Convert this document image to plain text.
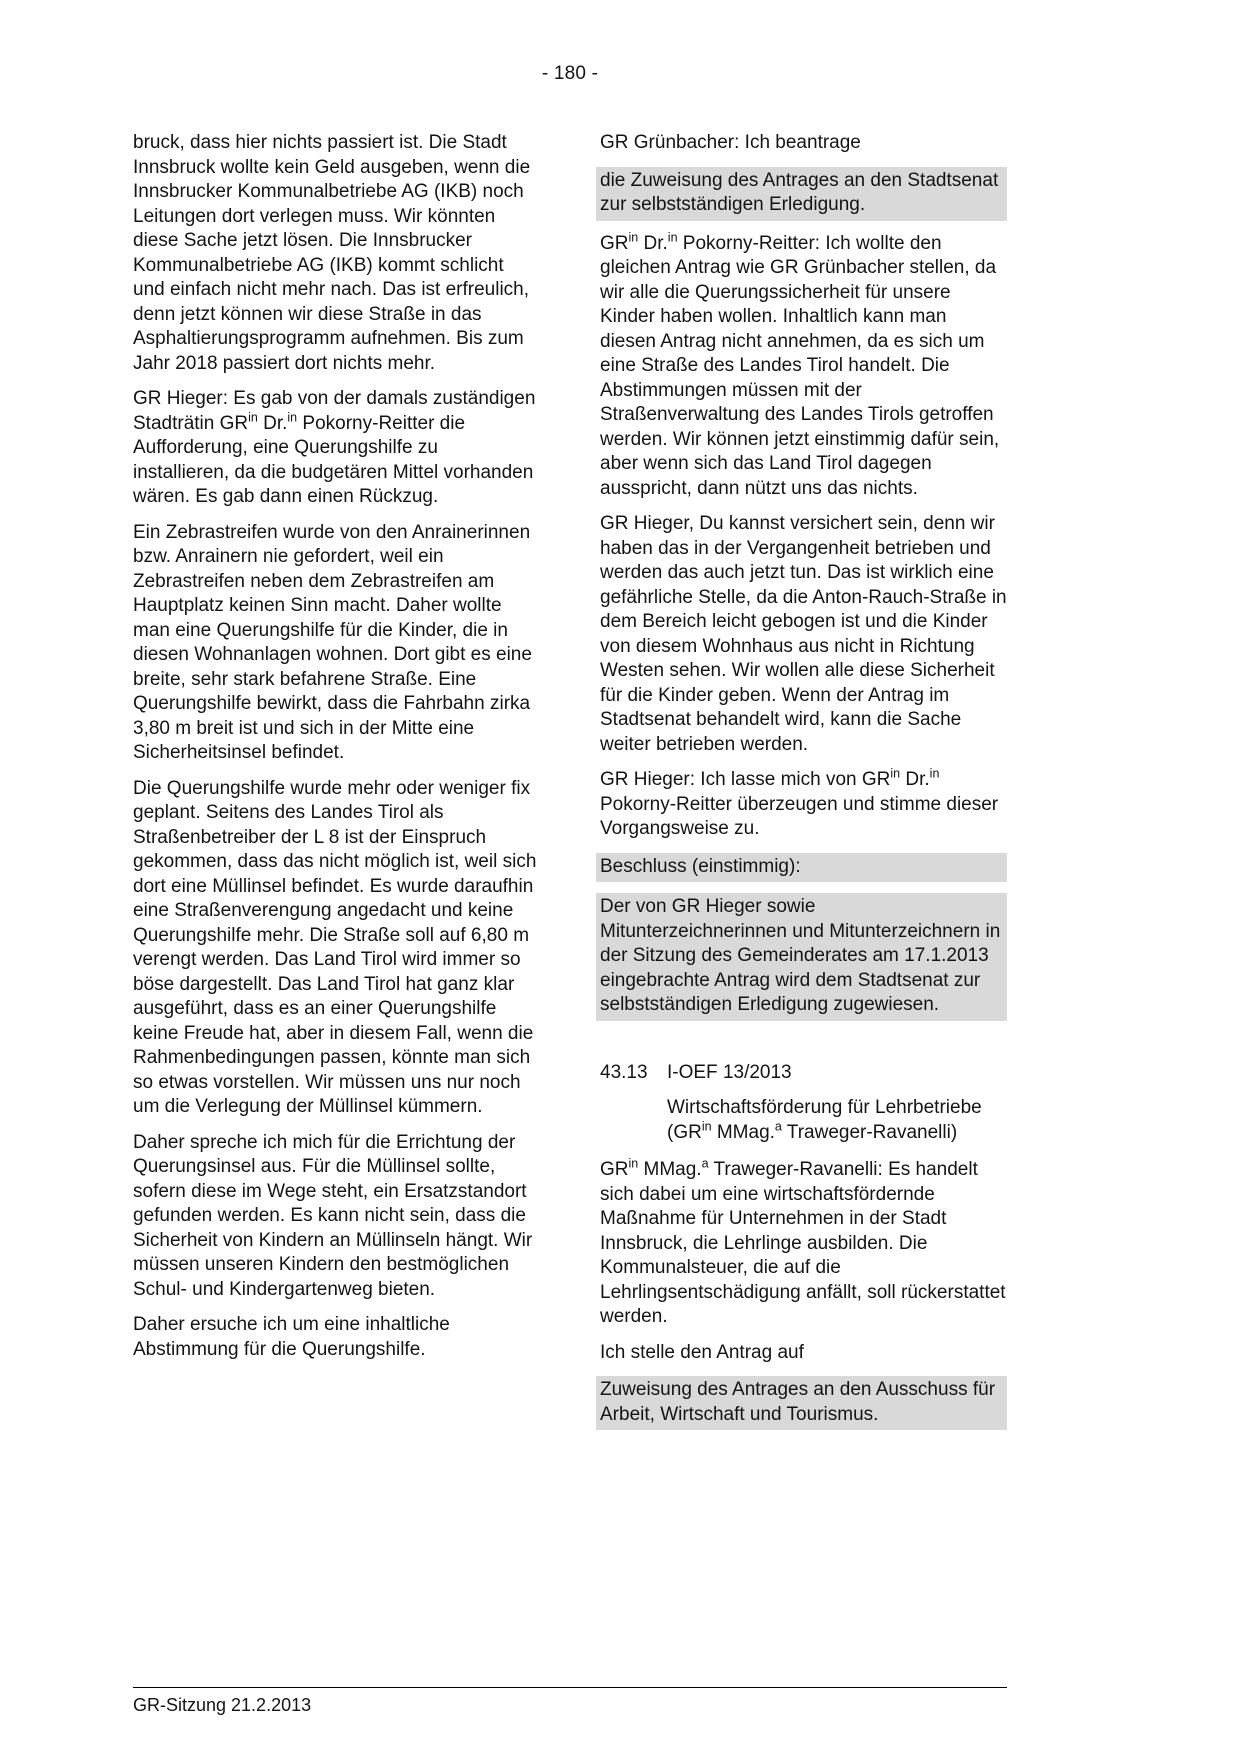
- 180 -

bruck, dass hier nichts passiert ist. Die Stadt Innsbruck wollte kein Geld ausgeben, wenn die Innsbrucker Kommunalbetriebe AG (IKB) noch Leitungen dort verlegen muss. Wir könnten diese Sache jetzt lösen. Die Innsbrucker Kommunalbetriebe AG (IKB) kommt schlicht und einfach nicht mehr nach. Das ist erfreulich, denn jetzt können wir diese Straße in das Asphaltierungsprogramm aufnehmen. Bis zum Jahr 2018 passiert dort nichts mehr.

GR Hieger: Es gab von der damals zuständigen Stadträtin $GR^{in}$ Dr.$^{in}$ Pokorny-Reitter die Aufforderung, eine Querungshilfe zu installieren, da die budgetären Mittel vorhanden wären. Es gab dann einen Rückzug.

Ein Zebrastreifen wurde von den Anrainerinnen bzw. Anrainern nie gefordert, weil ein Zebrastreifen neben dem Zebrastreifen am Hauptplatz keinen Sinn macht. Daher wollte man eine Querungshilfe für die Kinder, die in diesen Wohnanlagen wohnen. Dort gibt es eine breite, sehr stark befahrene Straße. Eine Querungshilfe bewirkt, dass die Fahrbahn zirka 3,80 m breit ist und sich in der Mitte eine Sicherheitsinsel befindet.

Die Querungshilfe wurde mehr oder weniger fix geplant. Seitens des Landes Tirol als Straßenbetreiber der L 8 ist der Einspruch gekommen, dass das nicht möglich ist, weil sich dort eine Müllinsel befindet. Es wurde daraufhin eine Straßenverengung angedacht und keine Querungshilfe mehr. Die Straße soll auf 6,80 m verengt werden. Das Land Tirol wird immer so böse dargestellt. Das Land Tirol hat ganz klar ausgeführt, dass es an einer Querungshilfe keine Freude hat, aber in diesem Fall, wenn die Rahmenbedingungen passen, könnte man sich so etwas vorstellen. Wir müssen uns nur noch um die Verlegung der Müllinsel kümmern.

Daher spreche ich mich für die Errichtung der Querungsinsel aus. Für die Müllinsel sollte, sofern diese im Wege steht, ein Ersatzstandort gefunden werden. Es kann nicht sein, dass die Sicherheit von Kindern an Müllinseln hängt. Wir müssen unseren Kindern den bestmöglichen Schul- und Kindergartenweg bieten.

Daher ersuche ich um eine inhaltliche Abstimmung für die Querungshilfe.

GR Grünbacher: Ich beantrage

die Zuweisung des Antrages an den Stadtsenat zur selbstständigen Erledigung.

$GR^{in}$ Dr.$^{in}$ Pokorny-Reitter: Ich wollte den gleichen Antrag wie GR Grünbacher stellen, da wir alle die Querungssicherheit für unsere Kinder haben wollen. Inhaltlich kann man diesen Antrag nicht annehmen, da es sich um eine Straße des Landes Tirol handelt. Die Abstimmungen müssen mit der Straßenverwaltung des Landes Tirols getroffen werden. Wir können jetzt einstimmig dafür sein, aber wenn sich das Land Tirol dagegen ausspricht, dann nützt uns das nichts.

GR Hieger, Du kannst versichert sein, denn wir haben das in der Vergangenheit betrieben und werden das auch jetzt tun. Das ist wirklich eine gefährliche Stelle, da die Anton-Rauch-Straße in dem Bereich leicht gebogen ist und die Kinder von diesem Wohnhaus aus nicht in Richtung Westen sehen. Wir wollen alle diese Sicherheit für die Kinder geben. Wenn der Antrag im Stadtsenat behandelt wird, kann die Sache weiter betrieben werden.

GR Hieger: Ich lasse mich von $GR^{in}$ Dr.$^{in}$ Pokorny-Reitter überzeugen und stimme dieser Vorgangsweise zu.

Beschluss (einstimmig):

Der von GR Hieger sowie Mitunterzeichnerinnen und Mitunterzeichnern in der Sitzung des Gemeinderates am 17.1.2013 eingebrachte Antrag wird dem Stadtsenat zur selbstständigen Erledigung zugewiesen.

43.13	I-OEF 13/2013

Wirtschaftsförderung für Lehrbetriebe ($GR^{in}$ MMag.$^a$ Traweger-Ravanelli)

$GR^{in}$ MMag.$^a$ Traweger-Ravanelli: Es handelt sich dabei um eine wirtschaftsfördernde Maßnahme für Unternehmen in der Stadt Innsbruck, die Lehrlinge ausbilden. Die Kommunalsteuer, die auf die Lehrlingsentschädigung anfällt, soll rückerstattet werden.

Ich stelle den Antrag auf

Zuweisung des Antrages an den Ausschuss für Arbeit, Wirtschaft und Tourismus.

GR-Sitzung 21.2.2013
